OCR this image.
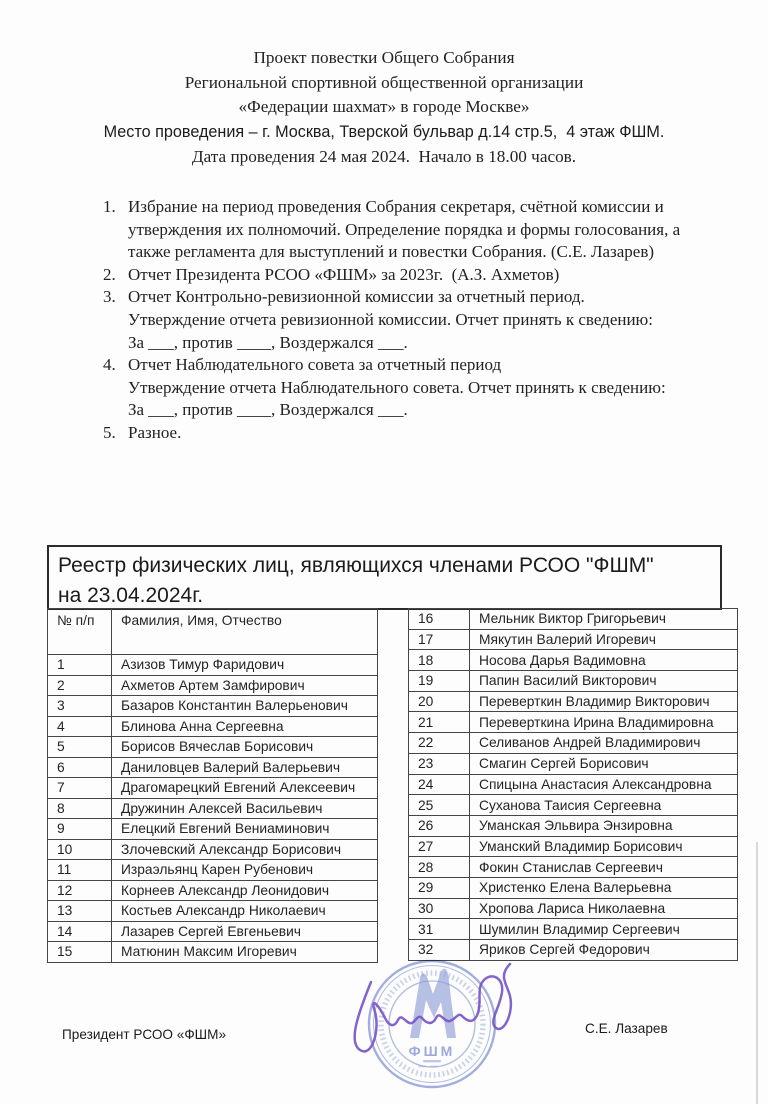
Проект повестки Общего Собрания
Региональной спортивной общественной организации
«Федерации шахмат» в городе Москве»
Место проведения – г. Москва, Тверской бульвар д.14 стр.5,  4 этаж ФШМ.
Дата проведения 24 мая 2024.  Начало в 18.00 часов.
1. Избрание на период проведения Собрания секретаря, счётной комиссии и
утверждения их полномочий. Определение порядка и формы голосования, а
также регламента для выступлений и повестки Собрания. (С.Е. Лазарев)
2. Отчет Президента РСОО «ФШМ» за 2023г.  (А.З. Ахметов)
3. Отчет Контрольно-ревизионной комиссии за отчетный период.
Утверждение отчета ревизионной комиссии. Отчет принять к сведению:
За ___, против ____, Воздержался ___.
4. Отчет Наблюдательного совета за отчетный период
Утверждение отчета Наблюдательного совета. Отчет принять к сведению:
За ___, против ____, Воздержался ___.
5. Разное.
Реестр физических лиц, являющихся членами РСОО "ФШМ"
на 23.04.2024г.
№ п/п	Фамилия, Имя, Отчество
1	Азизов Тимур Фаридович
2	Ахметов Артем Замфирович
3	Базаров Константин Валерьенович
4	Блинова Анна Сергеевна
5	Борисов Вячеслав Борисович
6	Даниловцев Валерий Валерьевич
7	Драгомарецкий Евгений Алексеевич
8	Дружинин Алексей Васильевич
9	Елецкий Евгений Вениаминович
10	Злочевский Александр Борисович
11	Израэльянц Карен Рубенович
12	Корнеев Александр Леонидович
13	Костьев Александр Николаевич
14	Лазарев Сергей Евгеньевич
15	Матюнин Максим Игоревич
16	Мельник Виктор Григорьевич
17	Мякутин Валерий Игоревич
18	Носова Дарья Вадимовна
19	Папин Василий Викторович
20	Переверткин Владимир Викторович
21	Переверткина Ирина Владимировна
22	Селиванов Андрей Владимирович
23	Смагин Сергей Борисович
24	Спицына Анастасия Александровна
25	Суханова Таисия Сергеевна
26	Уманская Эльвира Энзировна
27	Уманский Владимир Борисович
28	Фокин Станислав Сергеевич
29	Христенко Елена Валерьевна
30	Хропова Лариса Николаевна
31	Шумилин Владимир Сергеевич
32	Яриков Сергей Федорович
Президент РСОО «ФШМ»	С.Е. Лазарев
ФШМ
